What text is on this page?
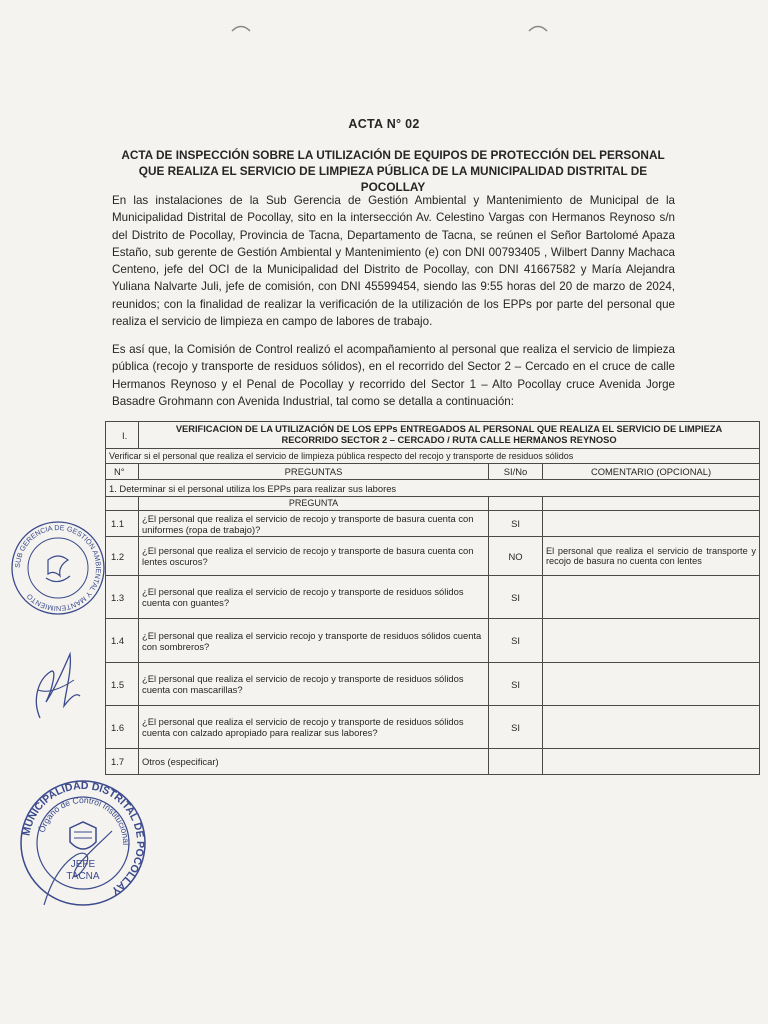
ACTA N° 02
ACTA DE INSPECCIÓN SOBRE LA UTILIZACIÓN DE EQUIPOS DE PROTECCIÓN DEL PERSONAL QUE REALIZA EL SERVICIO DE LIMPIEZA PÚBLICA DE LA MUNICIPALIDAD DISTRITAL DE POCOLLAY

En las instalaciones de la Sub Gerencia de Gestión Ambiental y Mantenimiento de Municipal de la Municipalidad Distrital de Pocollay, sito en la intersección Av. Celestino Vargas con Hermanos Reynoso s/n del Distrito de Pocollay, Provincia de Tacna, Departamento de Tacna, se reúnen el Señor Bartolomé Apaza Estaño, sub gerente de Gestión Ambiental y Mantenimiento (e) con DNI 00793405 , Wilbert Danny Machaca Centeno, jefe del OCI de la Municipalidad del Distrito de Pocollay, con DNI 41667582 y María Alejandra Yuliana Nalvarte Juli, jefe de comisión, con DNI 45599454, siendo las 9:55 horas del 20 de marzo de 2024, reunidos; con la finalidad de realizar la verificación de la utilización de los EPPs por parte del personal que realiza el servicio de limpieza en campo de labores de trabajo.

Es así que, la Comisión de Control realizó el acompañamiento al personal que realiza el servicio de limpieza pública (recojo y transporte de residuos sólidos), en el recorrido del Sector 2 – Cercado en el cruce de calle Hermanos Reynoso y el Penal de Pocollay y recorrido del Sector 1 – Alto Pocollay cruce Avenida Jorge Basadre Grohmann con Avenida Industrial, tal como se detalla a continuación:

I.	VERIFICACION DE LA UTILIZACIÓN DE LOS EPPs ENTREGADOS AL PERSONAL QUE REALIZA EL SERVICIO DE LIMPIEZA
RECORRIDO SECTOR 2 – CERCADO / RUTA CALLE HERMANOS REYNOSO		

Verificar si el personal que realiza el servicio de limpieza pública respecto del recojo y transporte de residuos sólidos			
N°	PREGUNTAS	SI/No	COMENTARIO (OPCIONAL)
1. Determinar si el personal utiliza los EPPs para realizar sus labores			
	PREGUNTA		
1.1	¿El personal que realiza el servicio de recojo y transporte de basura cuenta con uniformes (ropa de trabajo)?	SI	
1.2	¿El personal que realiza el servicio de recojo y transporte de basura cuenta con lentes oscuros?	NO	El personal que realiza el servicio de transporte y recojo de basura no cuenta con lentes
1.3	¿El personal que realiza el servicio de recojo y transporte de residuos sólidos cuenta con guantes?	SI	
1.4	¿El personal que realiza el servicio recojo y transporte de residuos sólidos cuenta con sombreros?	SI	
1.5	¿El personal que realiza el servicio de recojo y transporte de residuos sólidos cuenta con mascarillas?	SI	
1.6	¿El personal que realiza el servicio de recojo y transporte de residuos sólidos cuenta con calzado apropiado para realizar sus labores?	SI	
1.7	Otros (especificar)		
SUB GERENCIA DE GESTIÓN AMBIENTAL Y MANTENIMIENTO
MUNICIPALIDAD DISTRITAL DE POCOLLAY
Órgano de Control Institucional
JEFE
TACNA
